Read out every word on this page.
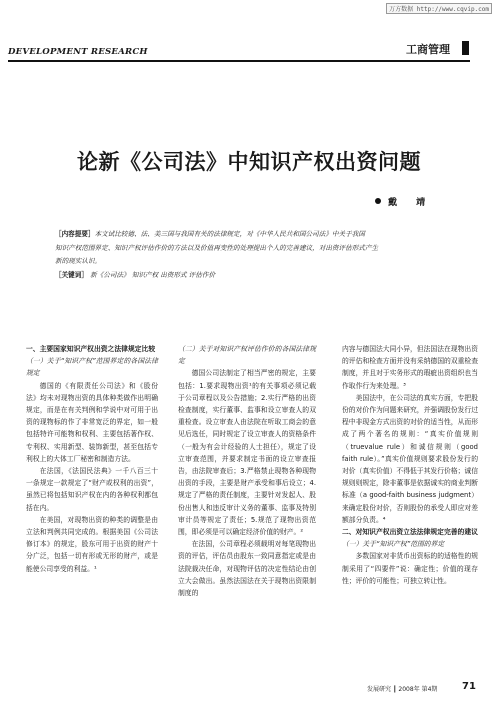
万方数据 http://www.cqvip.com
DEVELOPMENT RESEARCH	工商管理
论新《公司法》中知识产权出资问题
戴 靖

［内容提要］本文试比较德、法、美三国与我国有关的法律规定，对《中华人民共和国公司法》中关于我国

知识产权范围界定、知识产权评估作价的方法以及价值再变性的处理提出个人的完善建议，对出资评估形式产生

新的现实认识。

［关键词］ 新《公司法》 知识产权 出资形式 评估作价

一、主要国家知识产权出资之法律规定比较

（一）关于“知识产权”范围界定的各国法律规定

德国的《有限责任公司法》和《股份法》均未对现物出资的具体种类做作出明确规定，而是在有关判例和学说中对可用于出资的现物标的作了非常宽泛的界定，如一般包括特许可能物和权利、主要包括著作权、专利权、实用新型、装饰新型，甚至包括专利权上的大体工厂秘密和制造方法。

在法国，《法国民法典》一千八百三十一条规定一款规定了“财产或权利的出资”，虽然已将包括知识产权在内的各种权利都包括在内。

在美国，对现物出资的种类的调整是由立法和判例共同完成的。根据美国《公司法修订本》的规定，股东可用于出资的财产十分广泛，包括一切有形或无形的财产，或是能使公司享受的利益。¹

（二）关于对知识产权评估作价的各国法律规定

德国公司法制定了相当严密的规定，主要包括：1.要求现物出资¹的有关事项必须记载于公司章程以及公告措施；2.实行严格的出资检查制度，实行董事、监事和设立审查人的双重检查。设立审查人由法院在听取工商会的意见后选任，同时规定了设立审查人的资格条件（一般为有会计经验的人士担任），规定了设立审查范围，并要求制定书面的设立审查报告，由法院审查后；3.严格禁止现物各种现物出资的手段，主要是财产承受和事后设立；4.规定了严格的责任制度，主要针对发起人、股份出售人和违反审计义务的董事、监事及特别审计员等规定了责任；5.规范了现物出资范围，即必须是可以确定经济价值的财产。²

在法国，公司章程必须载明对每笔现物出资的评估，评估员由股东一致同意指定或是由法院裁决任命，对现物评估的决定性结论由创立大会做出。虽然法国法在关于现物出资限制制度的

内容与德国法大同小异，但法国法在现物出资的评估和检查方面并没有采纳德国的双重检查制度，并且对于实务形式的瑕疵出资组织也当作取作行为来处理。³

美国法中，在公司法的真实方面，专把股份的对价作为问题来研究，并强调股份发行过程中非现金方式出资的对价的适当性，从而形成了两个著名的规则：“真实价值规则（truevalue rule）和诚信规则（good faith rule）。”真实价值规则要求股份发行的对价（真实价值）不得低于其发行价格；诚信规则则规定，除非董事是依据诚实的商业判断标准（a good-faith business judgment）来确定股份对价，否则股份的承受人即应对差额部分负责。⁴

二、对知识产权出资立法法律规定完善的建议

（一）关于“知识产权”范围的界定

多数国家对非货币出资标的的适格性的规制采用了“四要件”说：确定性；价值的现存性；评价的可能性；可独立转让性。

发展研究 ┃ 2008年 第4期 71
